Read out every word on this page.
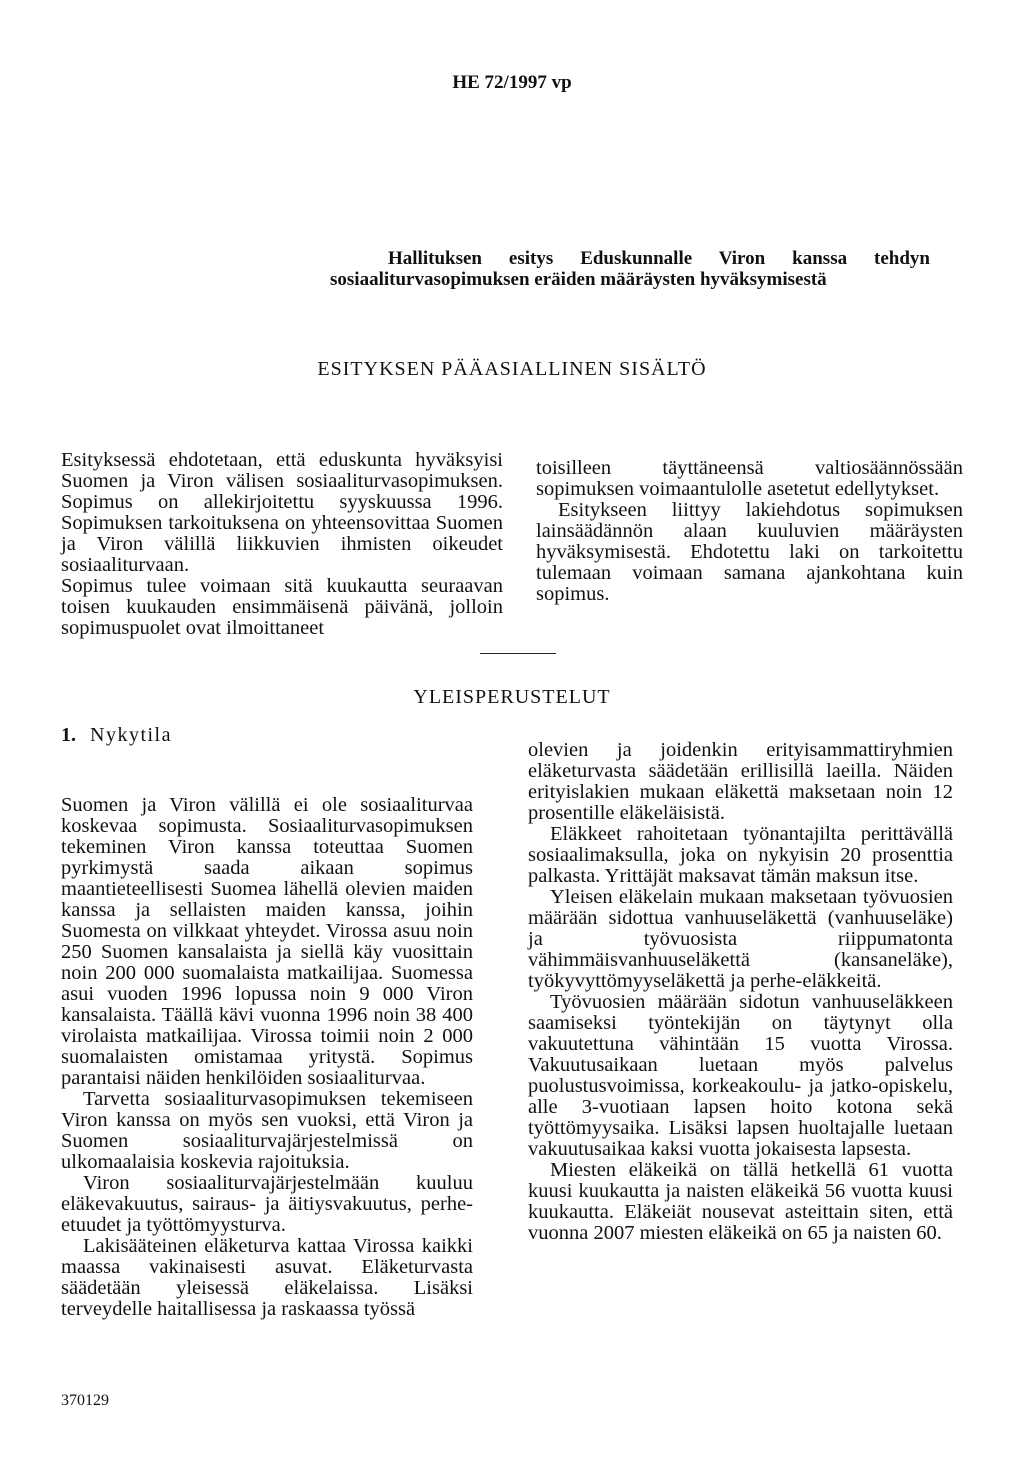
HE 72/1997 vp
Hallituksen esitys Eduskunnalle Viron kanssa tehdyn sosiaaliturvasopimuksen eräiden määräysten hyväksymisestä
ESITYKSEN PÄÄASIALLINEN SISÄLTÖ

Esityksessä ehdotetaan, että eduskunta hyväksyisi Suomen ja Viron välisen sosiaaliturvasopimuksen. Sopimus on allekirjoitettu syyskuussa 1996. Sopimuksen tarkoituksena on yhteensovittaa Suomen ja Viron välillä liikkuvien ihmisten oikeudet sosiaaliturvaan.

Sopimus tulee voimaan sitä kuukautta seuraavan toisen kuukauden ensimmäisenä päivänä, jolloin sopimuspuolet ovat ilmoittaneet

toisilleen täyttäneensä valtiosäännössään sopimuksen voimaantulolle asetetut edellytykset.

Esitykseen liittyy lakiehdotus sopimuksen lainsäädännön alaan kuuluvien määräysten hyväksymisestä. Ehdotettu laki on tarkoitettu tulemaan voimaan samana ajankohtana kuin sopimus.

YLEISPERUSTELUT
1. Nykytila

Suomen ja Viron välillä ei ole sosiaaliturvaa koskevaa sopimusta. Sosiaaliturvasopimuksen tekeminen Viron kanssa toteuttaa Suomen pyrkimystä saada aikaan sopimus maantieteellisesti Suomea lähellä olevien maiden kanssa ja sellaisten maiden kanssa, joihin Suomesta on vilkkaat yhteydet. Virossa asuu noin 250 Suomen kansalaista ja siellä käy vuosittain noin 200 000 suomalaista matkailijaa. Suomessa asui vuoden 1996 lopussa noin 9 000 Viron kansalaista. Täällä kävi vuonna 1996 noin 38 400 virolaista matkailijaa. Virossa toimii noin 2 000 suomalaisten omistamaa yritystä. Sopimus parantaisi näiden henkilöiden sosiaaliturvaa.

Tarvetta sosiaaliturvasopimuksen tekemiseen Viron kanssa on myös sen vuoksi, että Viron ja Suomen sosiaaliturvajärjestelmissä on ulkomaalaisia koskevia rajoituksia.

Viron sosiaaliturvajärjestelmään kuuluu eläkevakuutus, sairaus- ja äitiysvakuutus, perhe-etuudet ja työttömyysturva.

Lakisääteinen eläketurva kattaa Virossa kaikki maassa vakinaisesti asuvat. Eläketurvasta säädetään yleisessä eläkelaissa. Lisäksi terveydelle haitallisessa ja raskaassa työssä

olevien ja joidenkin erityisammattiryhmien eläketurvasta säädetään erillisillä laeilla. Näiden erityislakien mukaan eläkettä maksetaan noin 12 prosentille eläkeläisistä.

Eläkkeet rahoitetaan työnantajilta perittävällä sosiaalimaksulla, joka on nykyisin 20 prosenttia palkasta. Yrittäjät maksavat tämän maksun itse.

Yleisen eläkelain mukaan maksetaan työvuosien määrään sidottua vanhuuseläkettä (vanhuuseläke) ja työvuosista riippumatonta vähimmäisvanhuuseläkettä (kansaneläke), työkyvyttömyyseläkettä ja perhe-eläkkeitä.

Työvuosien määrään sidotun vanhuuseläkkeen saamiseksi työntekijän on täytynyt olla vakuutettuna vähintään 15 vuotta Virossa. Vakuutusaikaan luetaan myös palvelus puolustusvoimissa, korkeakoulu- ja jatko-opiskelu, alle 3-vuotiaan lapsen hoito kotona sekä työttömyysaika. Lisäksi lapsen huoltajalle luetaan vakuutusaikaa kaksi vuotta jokaisesta lapsesta.

Miesten eläkeikä on tällä hetkellä 61 vuotta kuusi kuukautta ja naisten eläkeikä 56 vuotta kuusi kuukautta. Eläkeiät nousevat asteittain siten, että vuonna 2007 miesten eläkeikä on 65 ja naisten 60.

370129
